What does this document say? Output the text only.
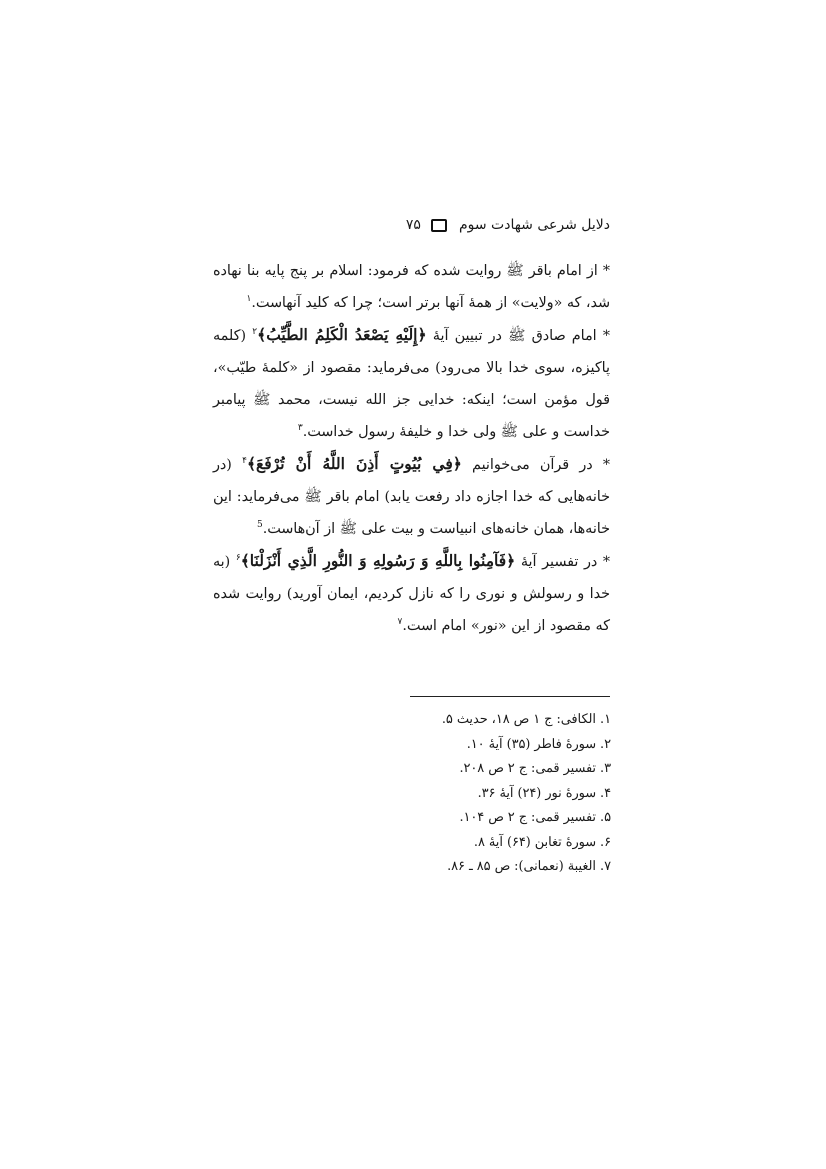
۷۵	دلایل شرعی شهادت سوم

* از امام باقر ﷺ روایت شده که فرمود: اسلام بر پنج پایه بنا نهاده شد، که «ولایت» از همهٔ آنها برتر است؛ چرا که کلید آنهاست.$^۱$

* امام صادق ﷺ در تبیین آیهٔ ﴿إِلَيْهِ يَصْعَدُ الْكَلِمُ الطَّيِّبُ﴾$^۲$ (کلمه پاکیزه، سوی خدا بالا می‌رود) می‌فرماید: مقصود از «کلمهٔ طیّب»، قول مؤمن است؛ اینکه: خدایی جز الله نیست، محمد ﷺ پیامبر خداست و علی ﷺ ولی خدا و خلیفهٔ رسول خداست.$^۳$

* در قرآن می‌خوانیم ﴿فِي بُيُوتٍ أَذِنَ اللَّهُ أَنْ تُرْفَعَ﴾$^۴$ (در خانه‌هایی که خدا اجازه داد رفعت یابد) امام باقر ﷺ می‌فرماید: این خانه‌ها، همان خانه‌های انبیاست و بیت علی ﷺ از آن‌هاست.$^5$

* در تفسیر آیهٔ ﴿فَآمِنُوا بِاللَّهِ وَ رَسُولِهِ وَ النُّورِ الَّذِي أَنْزَلْنَا﴾$^۶$ (به خدا و رسولش و نوری را که نازل کردیم، ایمان آورید) روایت شده که مقصود از این «نور» امام است.$^۷$

۱. الکافی: ج ۱ ص ۱۸، حدیث ۵.
۲. سورهٔ فاطر (۳۵) آیهٔ ۱۰.
۳. تفسیر قمی: ج ۲ ص ۲۰۸.
۴. سورهٔ نور (۲۴) آیهٔ ۳۶.
۵. تفسیر قمی: ج ۲ ص ۱۰۴.
۶. سورهٔ تغابن (۶۴) آیهٔ ۸.
۷. الغیبة (نعمانی): ص ۸۵ ـ ۸۶.
